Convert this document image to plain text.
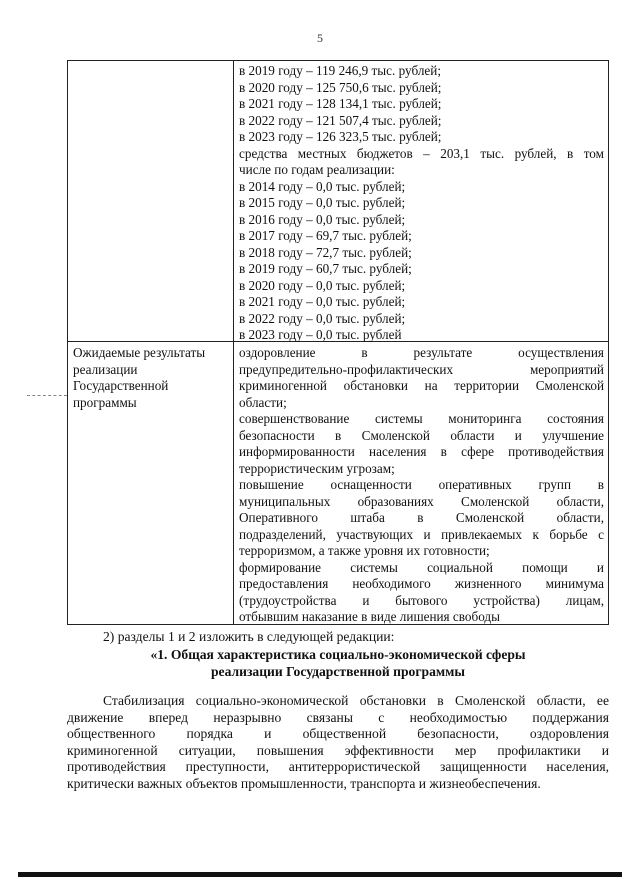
5
в 2019 году – 119 246,9 тыс. рублей;
в 2020 году – 125 750,6 тыс. рублей;
в 2021 году – 128 134,1 тыс. рублей;
в 2022 году – 121 507,4 тыс. рублей;
в 2023 году – 126 323,5 тыс. рублей;
средства местных бюджетов – 203,1 тыс. рублей, в том
числе по годам реализации:
в 2014 году – 0,0 тыс. рублей;
в 2015 году – 0,0 тыс. рублей;
в 2016 году – 0,0 тыс. рублей;
в 2017 году – 69,7 тыс. рублей;
в 2018 году – 72,7 тыс. рублей;
в 2019 году – 60,7 тыс. рублей;
в 2020 году – 0,0 тыс. рублей;
в 2021 году – 0,0 тыс. рублей;
в 2022 году – 0,0 тыс. рублей;
в 2023 году – 0,0 тыс. рублей
Ожидаемые результаты
реализации
Государственной
программы
оздоровление в результате осуществления
предупредительно-профилактических мероприятий
криминогенной обстановки на территории Смоленской
области;
совершенствование системы мониторинга состояния
безопасности в Смоленской области и улучшение
информированности населения в сфере противодействия
террористическим угрозам;
повышение оснащенности оперативных групп в
муниципальных образованиях Смоленской области,
Оперативного штаба в Смоленской области,
подразделений, участвующих и привлекаемых к борьбе с
терроризмом, а также уровня их готовности;
формирование системы социальной помощи и
предоставления необходимого жизненного минимума
(трудоустройства и бытового устройства) лицам,
отбывшим наказание в виде лишения свободы
2) разделы 1 и 2 изложить в следующей редакции:
«1. Общая характеристика социально-экономической сферы
реализации Государственной программы
Стабилизация социально-экономической обстановки в Смоленской области, ее
движение вперед неразрывно связаны с необходимостью поддержания
общественного порядка и общественной безопасности, оздоровления
криминогенной ситуации, повышения эффективности мер профилактики и
противодействия преступности, антитеррористической защищенности населения,
критически важных объектов промышленности, транспорта и жизнеобеспечения.
